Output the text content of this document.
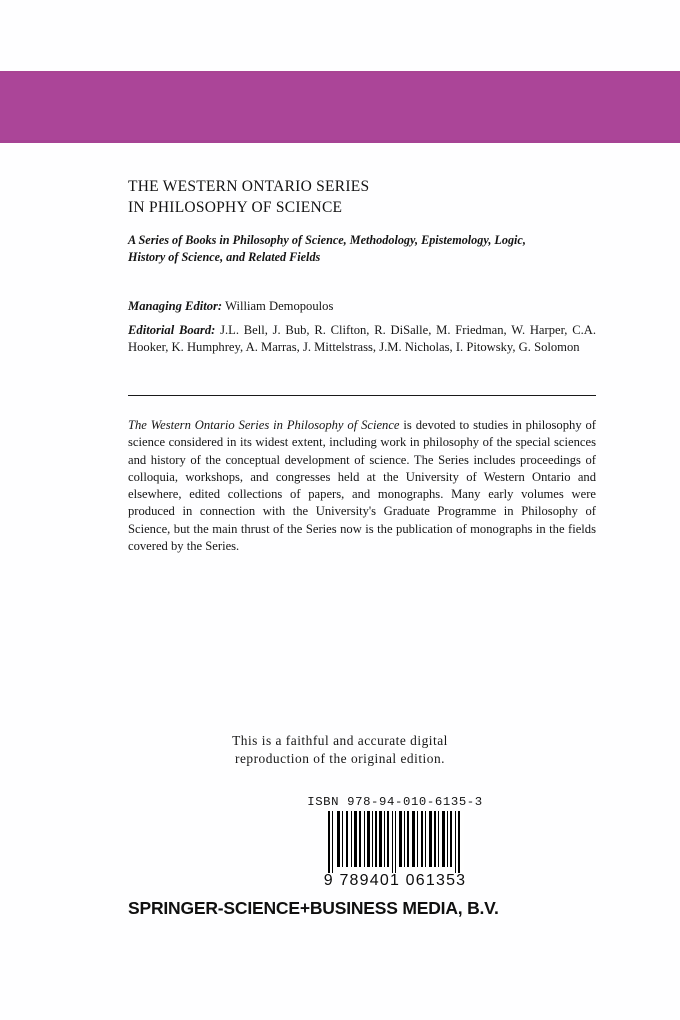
THE WESTERN ONTARIO SERIES
IN PHILOSOPHY OF SCIENCE
A Series of Books in Philosophy of Science, Methodology, Epistemology, Logic,
History of Science, and Related Fields
Managing Editor: William Demopoulos
Editorial Board: J.L. Bell, J. Bub, R. Clifton, R. DiSalle, M. Friedman, W. Harper, C.A. Hooker, K. Humphrey, A. Marras, J. Mittelstrass, J.M. Nicholas, I. Pitowsky, G. Solomon
The Western Ontario Series in Philosophy of Science is devoted to studies in philosophy of science considered in its widest extent, including work in philosophy of the special sciences and history of the conceptual development of science. The Series includes proceedings of colloquia, workshops, and congresses held at the University of Western Ontario and elsewhere, edited collections of papers, and monographs. Many early volumes were produced in connection with the University's Graduate Programme in Philosophy of Science, but the main thrust of the Series now is the publication of monographs in the fields covered by the Series.
This is a faithful and accurate digital
reproduction of the original edition.
ISBN 978-94-010-6135-3
9 789401 061353
SPRINGER-SCIENCE+BUSINESS MEDIA, B.V.
